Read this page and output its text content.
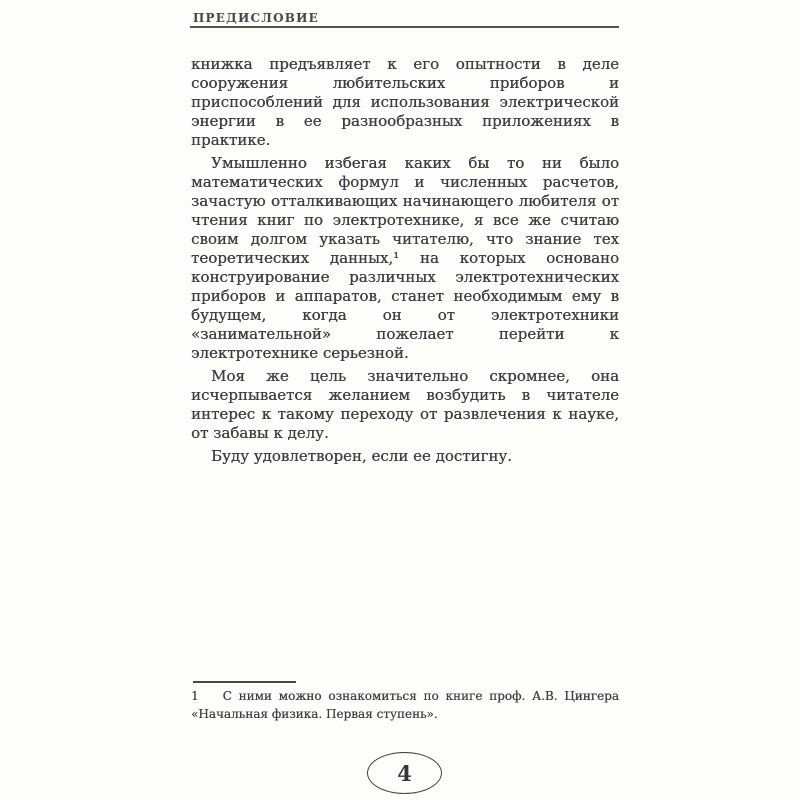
ПРЕДИСЛОВИЕ

книжка предъявляет к его опытности в деле сооружения любительских приборов и приспособлений для использования электрической энергии в ее разнообразных приложениях в практике.

Умышленно избегая каких бы то ни было математических формул и численных расчетов, зачастую отталкивающих начинающего любителя от чтения книг по электротехнике, я все же считаю своим долгом указать читателю, что знание тех теоретических данных,¹ на которых основано конструирование различных электротехнических приборов и аппаратов, станет необходимым ему в будущем, когда он от электротехники «занимательной» пожелает перейти к электротехнике серьезной.

Моя же цель значительно скромнее, она исчерпывается желанием возбудить в читателе интерес к такому переходу от развлечения к науке, от забавы к делу.

Буду удовлетворен, если ее достигну.

1 С ними можно ознакомиться по книге проф. А.В. Цингера «Начальная физика. Первая ступень».

4
